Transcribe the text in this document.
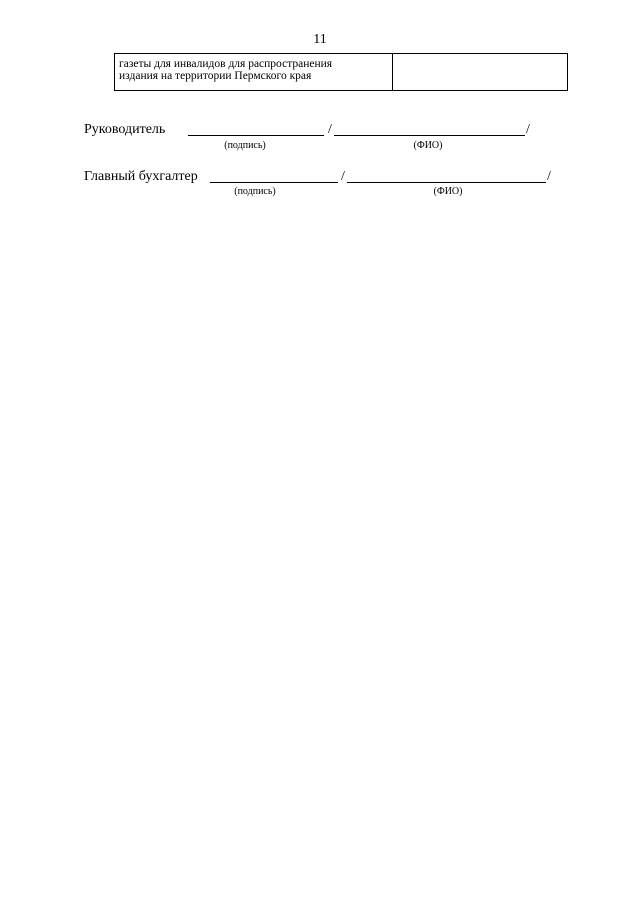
11
газеты для инвалидов для распространения
издания на территории Пермского края
Руководитель	/	/
(подпись)	(ФИО)
Главный бухгалтер	/	/
(подпись)	(ФИО)
